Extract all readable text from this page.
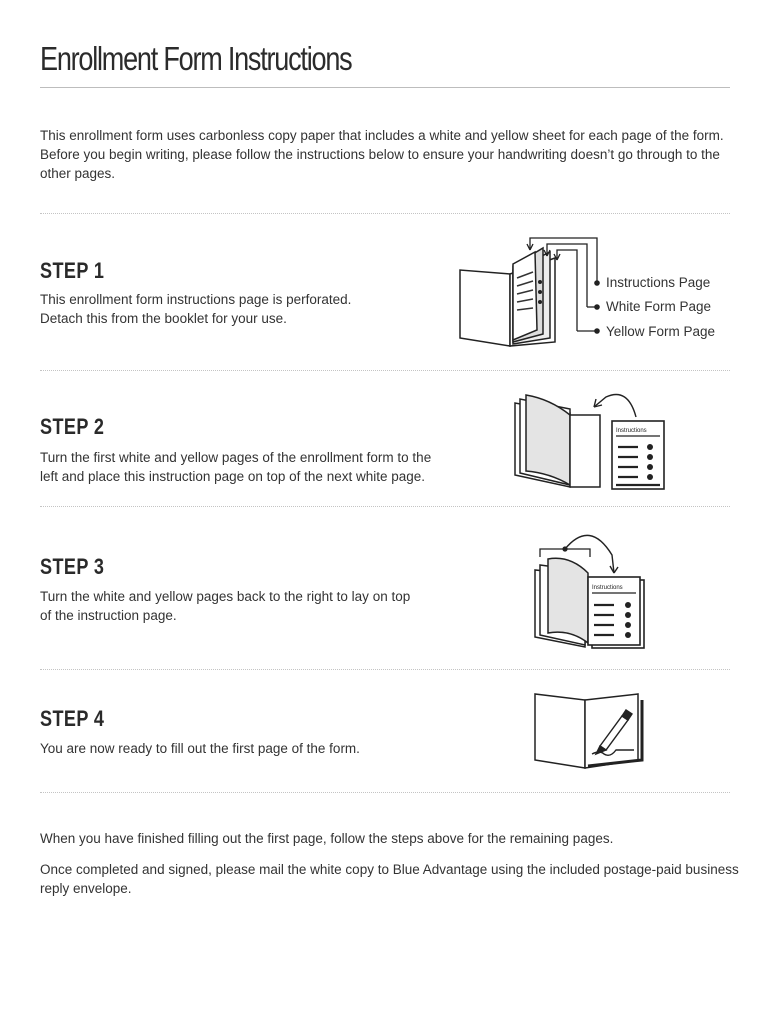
Enrollment Form Instructions

This enrollment form uses carbonless copy paper that includes a white and yellow sheet for each page of the form. Before you begin writing, please follow the instructions below to ensure your handwriting doesn’t go through to the other pages.

STEP 1

This enrollment form instructions page is perforated.
Detach this from the booklet for your use.

Instructions Page
White Form Page
Yellow Form Page
STEP 2

Turn the first white and yellow pages of the enrollment form to the
left and place this instruction page on top of the next white page.

Instructions
STEP 3

Turn the white and yellow pages back to the right to lay on top
of the instruction page.

Instructions
STEP 4

You are now ready to fill out the first page of the form.

When you have finished filling out the first page, follow the steps above for the remaining pages.

Once completed and signed, please mail the white copy to Blue Advantage using the included postage-paid business reply envelope.
